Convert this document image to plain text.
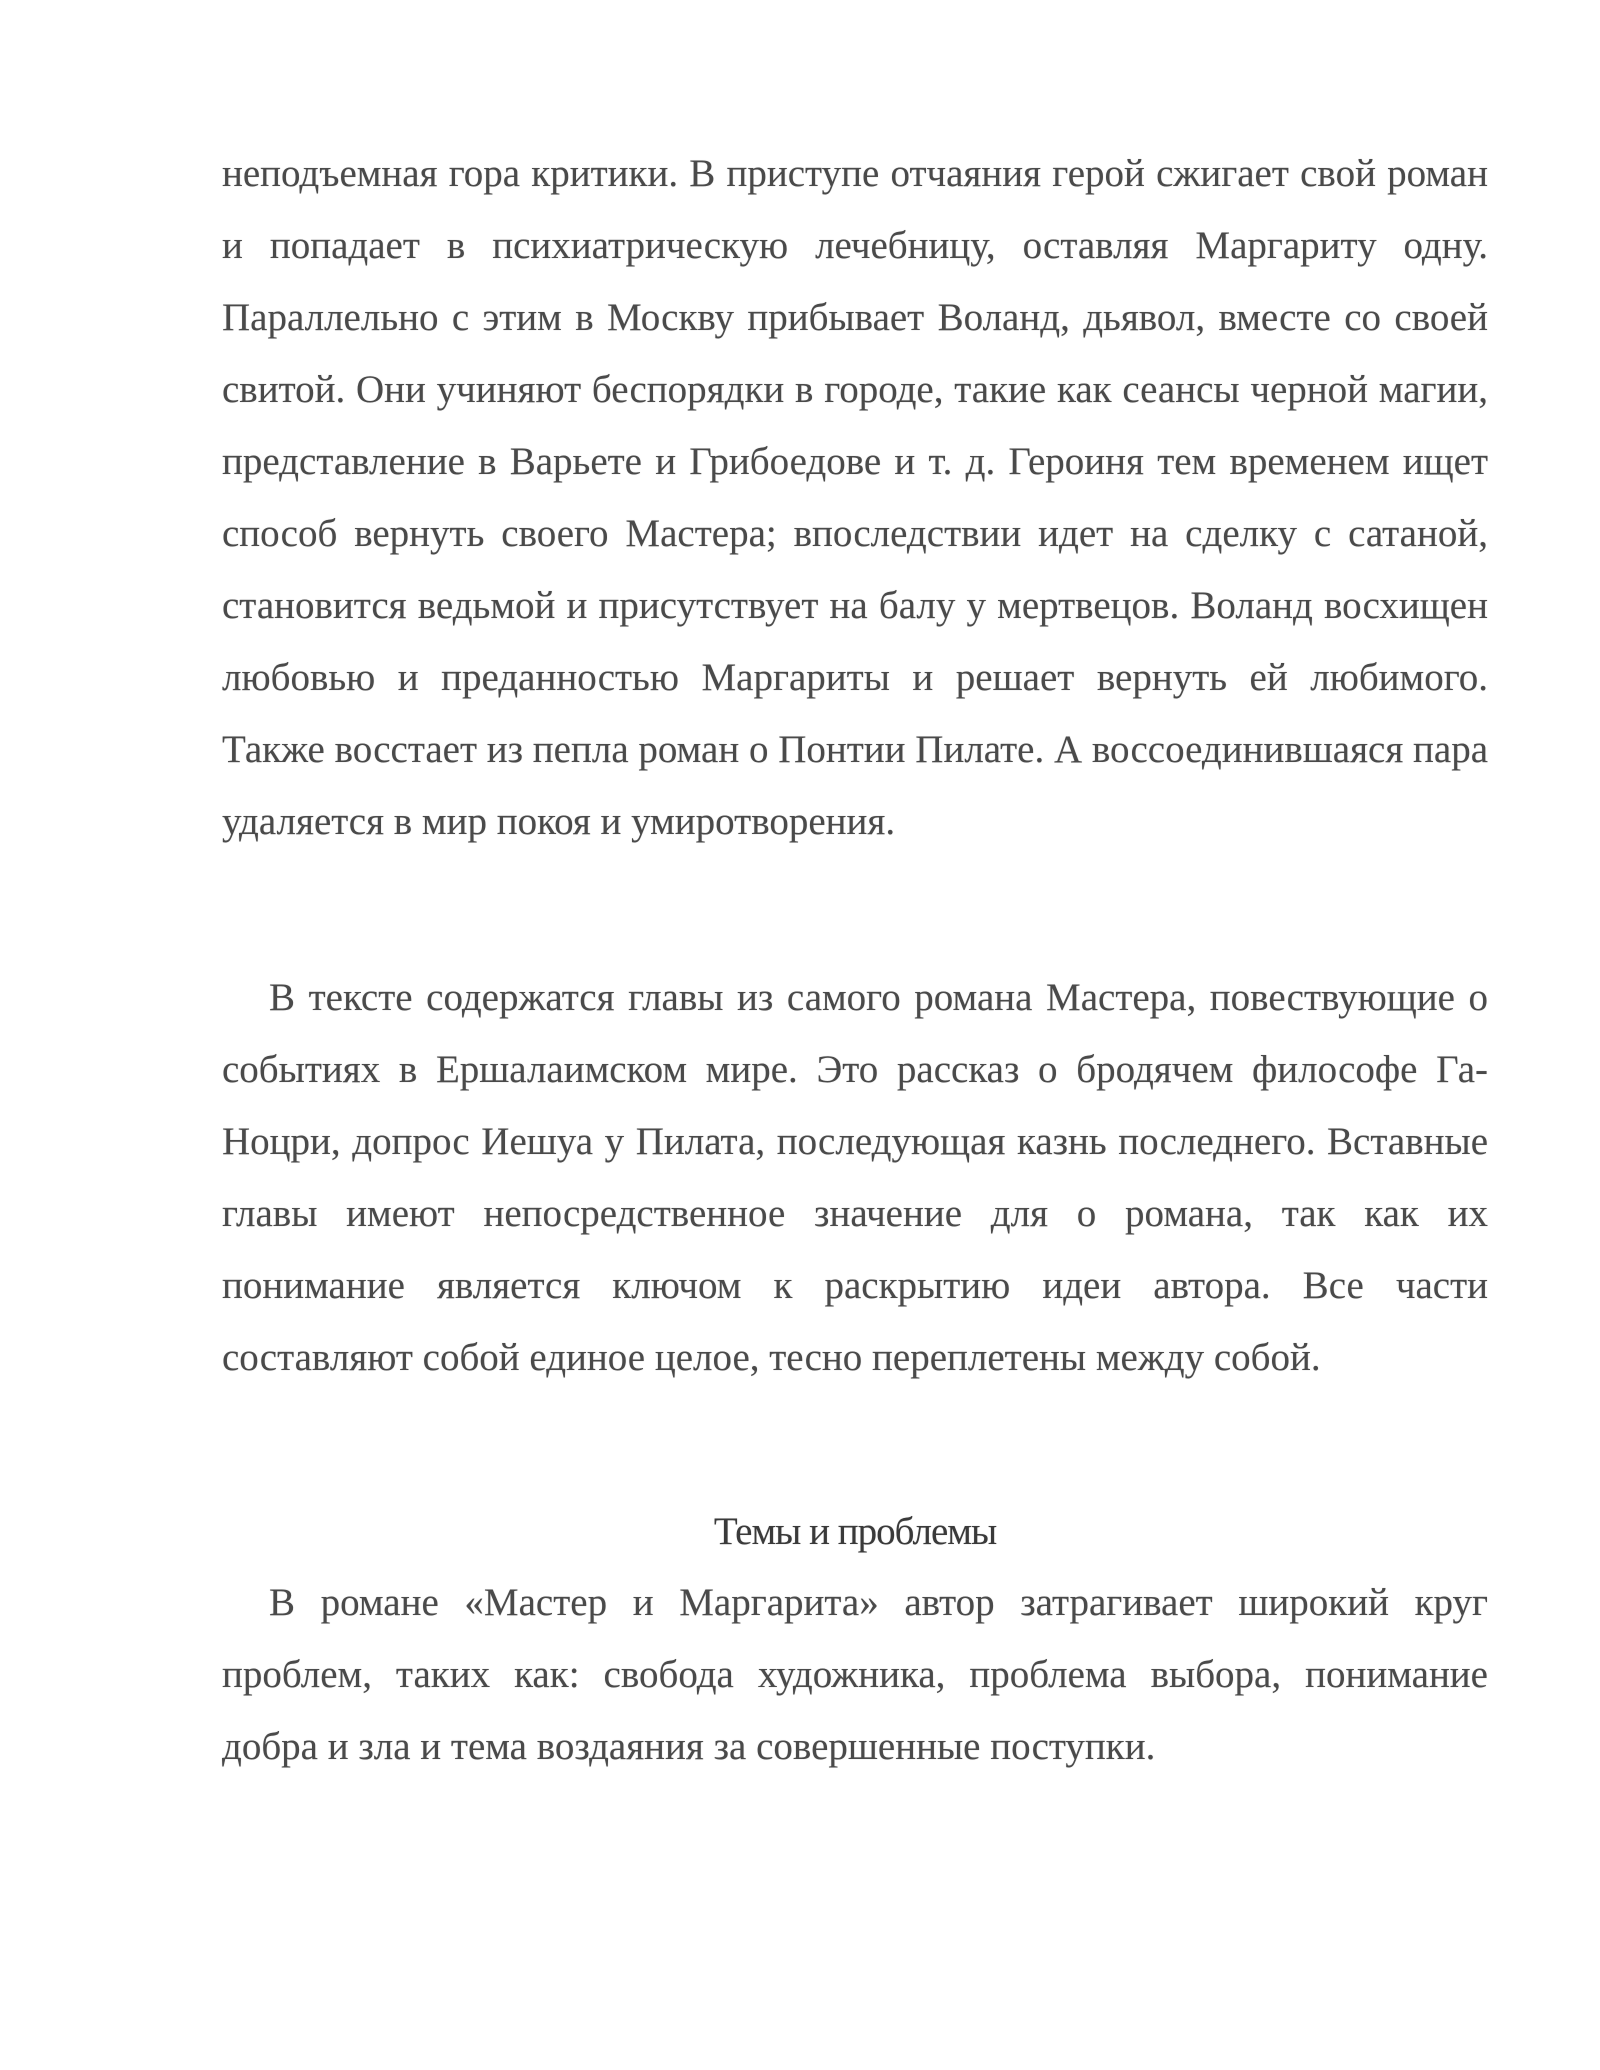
неподъемная гора критики. В приступе отчаяния герой сжигает свой роман и попадает в психиатрическую лечебницу, оставляя Маргариту одну. Параллельно с этим в Москву прибывает Воланд, дьявол, вместе со своей свитой. Они учиняют беспорядки в городе, такие как сеансы черной магии, представление в Варьете и Грибоедове и т. д. Героиня тем временем ищет способ вернуть своего Мастера; впоследствии идет на сделку с сатаной, становится ведьмой и присутствует на балу у мертвецов. Воланд восхищен любовью и преданностью Маргариты и решает вернуть ей любимого. Также восстает из пепла роман о Понтии Пилате. А воссоединившаяся пара удаляется в мир покоя и умиротворения.

В тексте содержатся главы из самого романа Мастера, повествующие о событиях в Ершалаимском мире. Это рассказ о бродячем философе Га-Ноцри, допрос Иешуа у Пилата, последующая казнь последнего. Вставные главы имеют непосредственное значение для о романа, так как их понимание является ключом к раскрытию идеи автора. Все части составляют собой единое целое, тесно переплетены между собой.

Темы и проблемы

В романе «Мастер и Маргарита» автор затрагивает широкий круг проблем, таких как: свобода художника, проблема выбора, понимание добра и зла и тема воздаяния за совершенные поступки.
